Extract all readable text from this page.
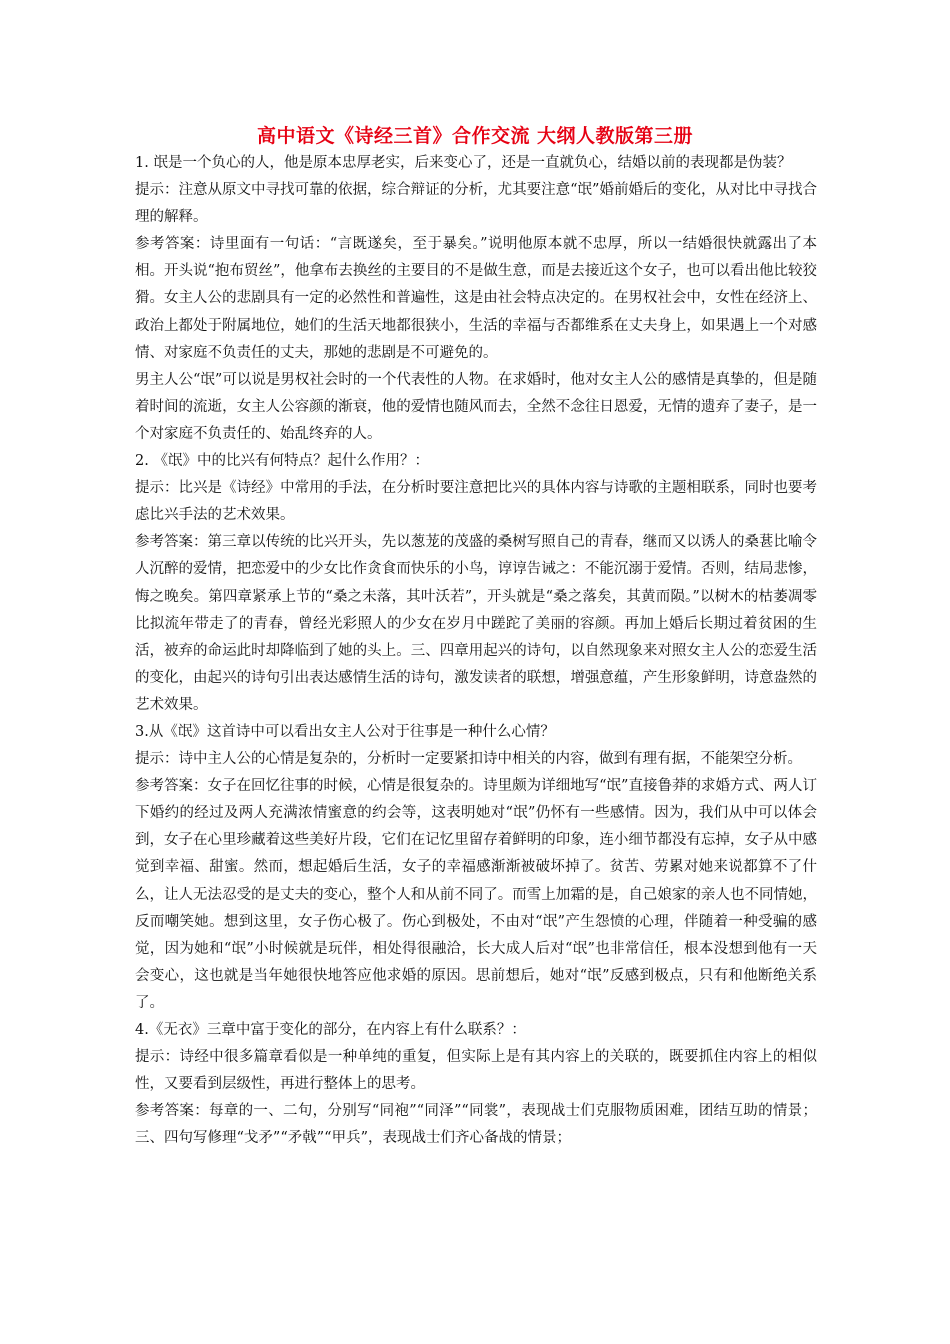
高中语文《诗经三首》合作交流 大纲人教版第三册

1. 氓是一个负心的人，他是原本忠厚老实，后来变心了，还是一直就负心，结婚以前的表现都是伪装？

提示：注意从原文中寻找可靠的依据，综合辩证的分析，尤其要注意“氓”婚前婚后的变化，从对比中寻找合理的解释。

参考答案：诗里面有一句话：“言既遂矣，至于暴矣。”说明他原本就不忠厚，所以一结婚很快就露出了本相。开头说“抱布贸丝”，他拿布去换丝的主要目的不是做生意，而是去接近这个女子，也可以看出他比较狡猾。女主人公的悲剧具有一定的必然性和普遍性，这是由社会特点决定的。在男权社会中，女性在经济上、政治上都处于附属地位，她们的生活天地都很狭小，生活的幸福与否都维系在丈夫身上，如果遇上一个对感情、对家庭不负责任的丈夫，那她的悲剧是不可避免的。

男主人公“氓”可以说是男权社会时的一个代表性的人物。在求婚时，他对女主人公的感情是真挚的，但是随着时间的流逝，女主人公容颜的渐衰，他的爱情也随风而去，全然不念往日恩爱，无情的遗弃了妻子，是一个对家庭不负责任的、始乱终弃的人。

2. 《氓》中的比兴有何特点？起什么作用？：

提示：比兴是《诗经》中常用的手法，在分析时要注意把比兴的具体内容与诗歌的主题相联系，同时也要考虑比兴手法的艺术效果。

参考答案：第三章以传统的比兴开头，先以葱茏的茂盛的桑树写照自己的青春，继而又以诱人的桑葚比喻令人沉醉的爱情，把恋爱中的少女比作贪食而快乐的小鸟，谆谆告诫之：不能沉溺于爱情。否则，结局悲惨，悔之晚矣。第四章紧承上节的“桑之未落，其叶沃若”，开头就是“桑之落矣，其黄而陨。”以树木的枯萎凋零比拟流年带走了的青春，曾经光彩照人的少女在岁月中蹉跎了美丽的容颜。再加上婚后长期过着贫困的生活，被弃的命运此时却降临到了她的头上。三、四章用起兴的诗句，以自然现象来对照女主人公的恋爱生活的变化，由起兴的诗句引出表达感情生活的诗句，激发读者的联想，增强意蕴，产生形象鲜明，诗意盎然的艺术效果。

3.从《氓》这首诗中可以看出女主人公对于往事是一种什么心情？

提示：诗中主人公的心情是复杂的，分析时一定要紧扣诗中相关的内容，做到有理有据，不能架空分析。

参考答案：女子在回忆往事的时候，心情是很复杂的。诗里颇为详细地写“氓”直接鲁莽的求婚方式、两人订下婚约的经过及两人充满浓情蜜意的约会等，这表明她对“氓”仍怀有一些感情。因为，我们从中可以体会到，女子在心里珍藏着这些美好片段，它们在记忆里留存着鲜明的印象，连小细节都没有忘掉，女子从中感觉到幸福、甜蜜。然而，想起婚后生活，女子的幸福感渐渐被破坏掉了。贫苦、劳累对她来说都算不了什么，让人无法忍受的是丈夫的变心，整个人和从前不同了。而雪上加霜的是，自己娘家的亲人也不同情她，反而嘲笑她。想到这里，女子伤心极了。伤心到极处，不由对“氓”产生怨愤的心理，伴随着一种受骗的感觉，因为她和“氓”小时候就是玩伴，相处得很融洽，长大成人后对“氓”也非常信任，根本没想到他有一天会变心，这也就是当年她很快地答应他求婚的原因。思前想后，她对“氓”反感到极点，只有和他断绝关系了。

4.《无衣》三章中富于变化的部分，在内容上有什么联系？：

提示：诗经中很多篇章看似是一种单纯的重复，但实际上是有其内容上的关联的，既要抓住内容上的相似性，又要看到层级性，再进行整体上的思考。

参考答案：每章的一、二句，分别写“同袍”“同泽”“同裳”，表现战士们克服物质困难，团结互助的情景；三、四句写修理“戈矛”“矛戟”“甲兵”，表现战士们齐心备战的情景；
